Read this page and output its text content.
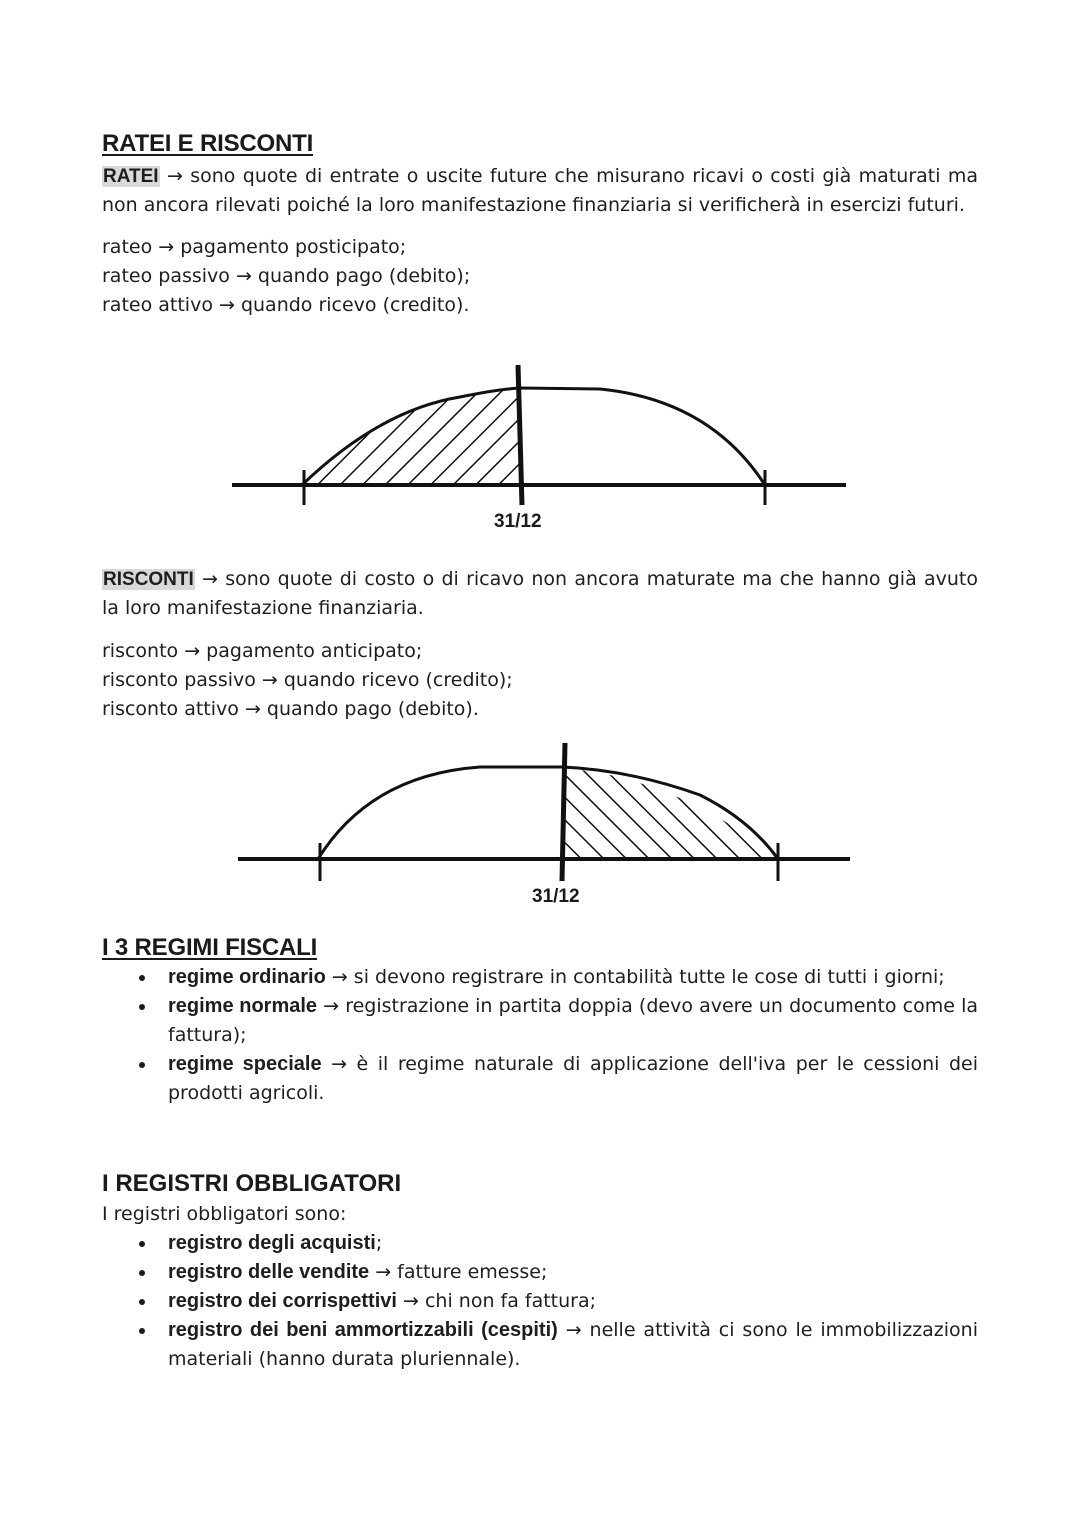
RATEI E RISCONTI

RATEI → sono quote di entrate o uscite future che misurano ricavi o costi già maturati ma non ancora rilevati poiché la loro manifestazione finanziaria si verificherà in esercizi futuri.

rateo → pagamento posticipato;

rateo passivo → quando pago (debito);

rateo attivo → quando ricevo (credito).

31/12

RISCONTI → sono quote di costo o di ricavo non ancora maturate ma che hanno già avuto la loro manifestazione finanziaria.

risconto → pagamento anticipato;

risconto passivo → quando ricevo (credito);

risconto attivo → quando pago (debito).

31/12
I 3 REGIMI FISCALI
regime ordinario → si devono registrare in contabilità tutte le cose di tutti i giorni;
regime normale → registrazione in partita doppia (devo avere un documento come la fattura);
regime speciale → è il regime naturale di applicazione dell'iva per le cessioni dei prodotti agricoli.
I REGISTRI OBBLIGATORI

I registri obbligatori sono:

registro degli acquisti;
registro delle vendite → fatture emesse;
registro dei corrispettivi → chi non fa fattura;
registro dei beni ammortizzabili (cespiti) → nelle attività ci sono le immobilizzazioni materiali (hanno durata pluriennale).
